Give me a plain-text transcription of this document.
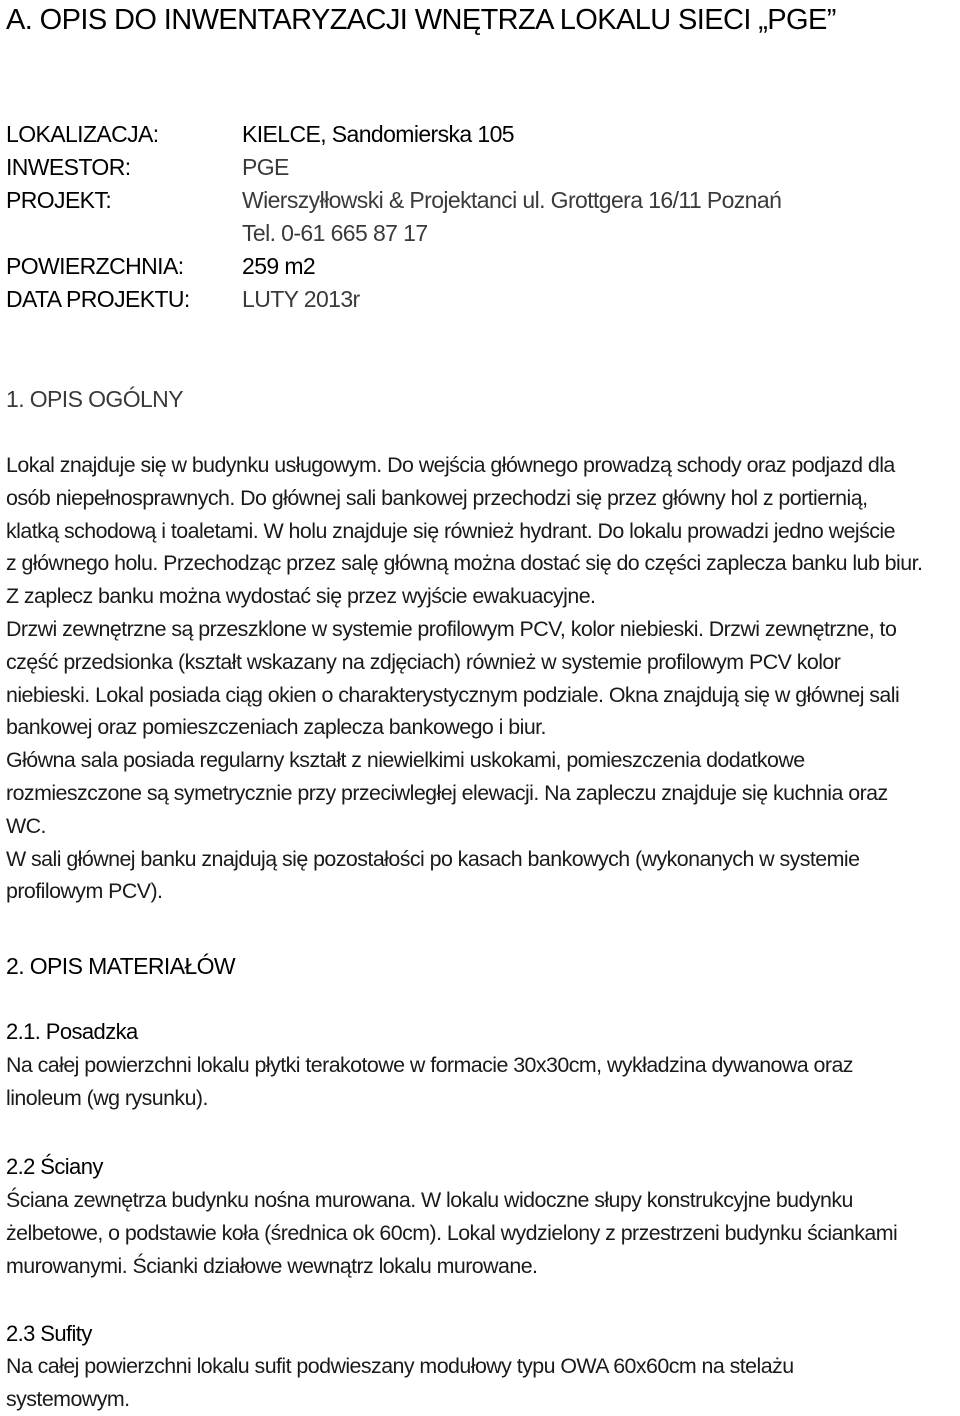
A. OPIS DO INWENTARYZACJI WNĘTRZA LOKALU SIECI „PGE”
LOKALIZACJA:	KIELCE, Sandomierska 105
INWESTOR:	PGE
PROJEKT:	Wierszyłłowski & Projektanci ul. Grottgera 16/11 Poznań
Tel. 0-61 665 87 17
POWIERZCHNIA:	259 m2
DATA PROJEKTU: LUTY 2013r
1. OPIS OGÓLNY
Lokal znajduje się w budynku usługowym. Do wejścia głównego prowadzą schody oraz podjazd dla
osób niepełnosprawnych. Do głównej sali bankowej przechodzi się przez główny hol z portiernią,
klatką schodową i toaletami. W holu znajduje się również hydrant. Do lokalu prowadzi jedno wejście
z głównego holu. Przechodząc przez salę główną można dostać się do części zaplecza banku lub biur.
Z zaplecz banku można wydostać się przez wyjście ewakuacyjne.
Drzwi zewnętrzne są przeszklone w systemie profilowym PCV, kolor niebieski. Drzwi zewnętrzne, to
część przedsionka (kształt wskazany na zdjęciach) również w systemie profilowym PCV kolor
niebieski. Lokal posiada ciąg okien o charakterystycznym podziale. Okna znajdują się w głównej sali
bankowej oraz pomieszczeniach zaplecza bankowego i biur.
Główna sala posiada regularny kształt z niewielkimi uskokami, pomieszczenia dodatkowe
rozmieszczone są symetrycznie przy przeciwległej elewacji. Na zapleczu znajduje się kuchnia oraz
WC.
W sali głównej banku znajdują się pozostałości po kasach bankowych (wykonanych w systemie
profilowym PCV).
2. OPIS MATERIAŁÓW
2.1. Posadzka
Na całej powierzchni lokalu płytki terakotowe w formacie 30x30cm, wykładzina dywanowa oraz
linoleum (wg rysunku).
2.2 Ściany
Ściana zewnętrza budynku nośna murowana. W lokalu widoczne słupy konstrukcyjne budynku
żelbetowe, o podstawie koła (średnica ok 60cm). Lokal wydzielony z przestrzeni budynku ściankami
murowanymi. Ścianki działowe wewnątrz lokalu murowane.
2.3 Sufity
Na całej powierzchni lokalu sufit podwieszany modułowy typu OWA 60x60cm na stelażu
systemowym.
